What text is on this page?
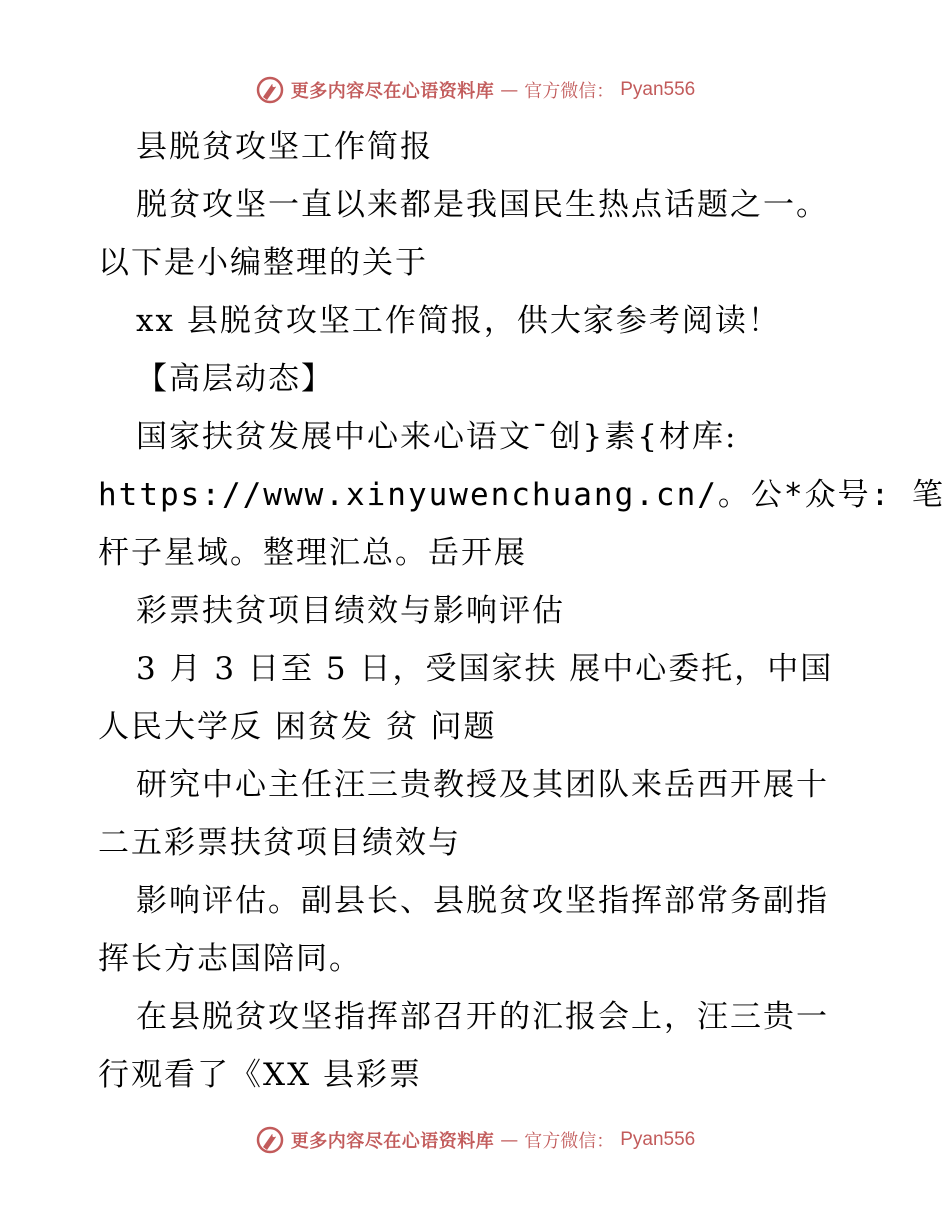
更多内容尽在心语资料库 — 官方微信： Pyan556
县脱贫攻坚工作简报
脱贫攻坚一直以来都是我国民生热点话题之一。
以下是小编整理的关于
xx 县脱贫攻坚工作简报，供大家参考阅读！
【高层动态】
国家扶贫发展中心来心语文¯创}素{材库:
https://www.xinyuwenchuang.cn/。公*众号: 笔
杆子星域。整理汇总。岳开展
彩票扶贫项目绩效与影响评估
3 月 3 日至 5 日，受国家扶 展中心委托，中国
人民大学反 困贫发 贫 问题
研究中心主任汪三贵教授及其团队来岳西开展十
二五彩票扶贫项目绩效与
影响评估。副县长、县脱贫攻坚指挥部常务副指
挥长方志国陪同。
在县脱贫攻坚指挥部召开的汇报会上，汪三贵一
行观看了《XX 县彩票
更多内容尽在心语资料库 — 官方微信： Pyan556
